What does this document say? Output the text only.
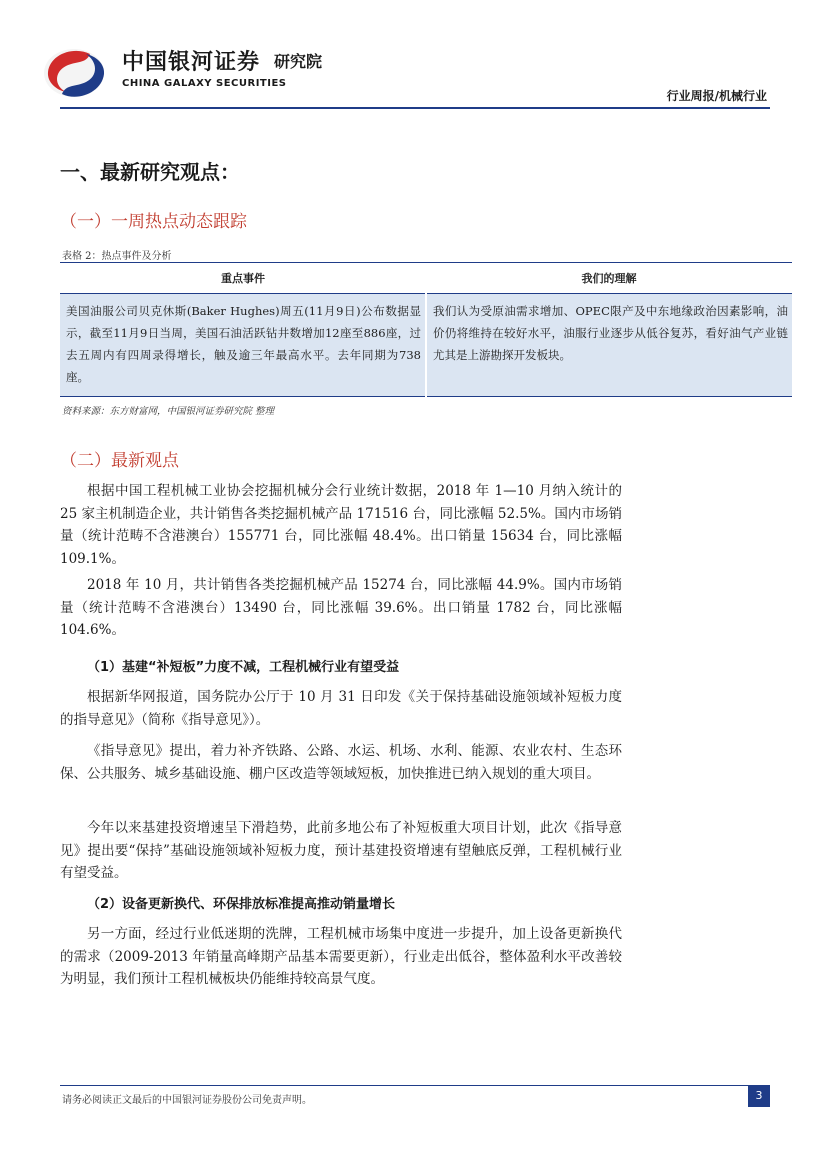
中国银河证券 研究院
CHINA GALAXY SECURITIES
行业周报/机械行业
一、最新研究观点：
（一）一周热点动态跟踪
表格 2：热点事件及分析
重点事件	我们的理解
美国油服公司贝克休斯(Baker Hughes)周五(11月9日)公布数据显示，截至11月9日当周，美国石油活跃钻井数增加12座至886座，过去五周内有四周录得增长，触及逾三年最高水平。去年同期为738座。	我们认为受原油需求增加、OPEC限产及中东地缘政治因素影响，油价仍将维持在较好水平，油服行业逐步从低谷复苏，看好油气产业链尤其是上游勘探开发板块。
资料来源：东方财富网，中国银河证券研究院 整理
（二）最新观点

根据中国工程机械工业协会挖掘机械分会行业统计数据，2018 年 1—10 月纳入统计的 25 家主机制造企业，共计销售各类挖掘机械产品 171516 台，同比涨幅 52.5%。国内市场销量（统计范畴不含港澳台）155771 台，同比涨幅 48.4%。出口销量 15634 台，同比涨幅 109.1%。

2018 年 10 月，共计销售各类挖掘机械产品 15274 台，同比涨幅 44.9%。国内市场销量（统计范畴不含港澳台）13490 台，同比涨幅 39.6%。出口销量 1782 台，同比涨幅 104.6%。

（1）基建“补短板”力度不减，工程机械行业有望受益

根据新华网报道，国务院办公厅于 10 月 31 日印发《关于保持基础设施领域补短板力度的指导意见》（简称《指导意见》）。

《指导意见》提出，着力补齐铁路、公路、水运、机场、水利、能源、农业农村、生态环保、公共服务、城乡基础设施、棚户区改造等领域短板，加快推进已纳入规划的重大项目。

今年以来基建投资增速呈下滑趋势，此前多地公布了补短板重大项目计划，此次《指导意见》提出要“保持”基础设施领域补短板力度，预计基建投资增速有望触底反弹，工程机械行业有望受益。

（2）设备更新换代、环保排放标准提高推动销量增长

另一方面，经过行业低迷期的洗牌，工程机械市场集中度进一步提升，加上设备更新换代的需求（2009-2013 年销量高峰期产品基本需要更新），行业走出低谷，整体盈利水平改善较为明显，我们预计工程机械板块仍能维持较高景气度。

请务必阅读正文最后的中国银河证券股份公司免责声明。	3
